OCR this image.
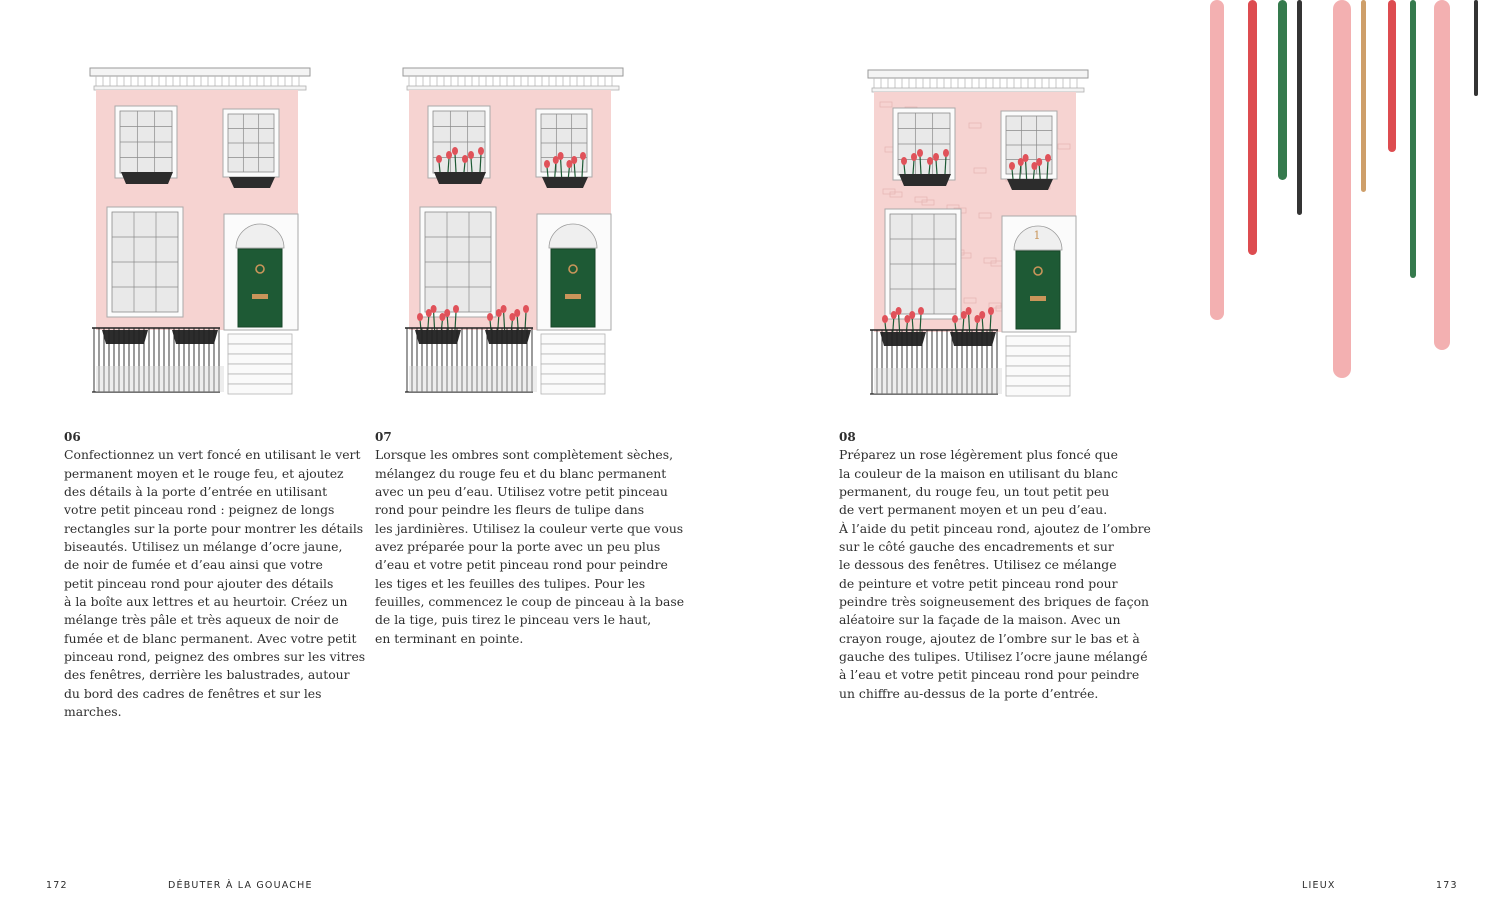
1
06
Confectionnez un vert foncé en utilisant le vert
permanent moyen et le rouge feu, et ajoutez
des détails à la porte d’entrée en utilisant
votre petit pinceau rond : peignez de longs
rectangles sur la porte pour montrer les détails
biseautés. Utilisez un mélange d’ocre jaune,
de noir de fumée et d’eau ainsi que votre
petit pinceau rond pour ajouter des détails
à la boîte aux lettres et au heurtoir. Créez un
mélange très pâle et très aqueux de noir de
fumée et de blanc permanent. Avec votre petit
pinceau rond, peignez des ombres sur les vitres
des fenêtres, derrière les balustrades, autour
du bord des cadres de fenêtres et sur les
marches.
07
Lorsque les ombres sont complètement sèches,
mélangez du rouge feu et du blanc permanent
avec un peu d’eau. Utilisez votre petit pinceau
rond pour peindre les fleurs de tulipe dans
les jardinières. Utilisez la couleur verte que vous
avez préparée pour la porte avec un peu plus
d’eau et votre petit pinceau rond pour peindre
les tiges et les feuilles des tulipes. Pour les
feuilles, commencez le coup de pinceau à la base
de la tige, puis tirez le pinceau vers le haut,
en terminant en pointe.
08
Préparez un rose légèrement plus foncé que
la couleur de la maison en utilisant du blanc
permanent, du rouge feu, un tout petit peu
de vert permanent moyen et un peu d’eau.
À l’aide du petit pinceau rond, ajoutez de l’ombre
sur le côté gauche des encadrements et sur
le dessous des fenêtres. Utilisez ce mélange
de peinture et votre petit pinceau rond pour
peindre très soigneusement des briques de façon
aléatoire sur la façade de la maison. Avec un
crayon rouge, ajoutez de l’ombre sur le bas et à
gauche des tulipes. Utilisez l’ocre jaune mélangé
à l’eau et votre petit pinceau rond pour peindre
un chiffre au-dessus de la porte d’entrée.
172	DÉBUTER À LA GOUACHE	LIEUX	173
